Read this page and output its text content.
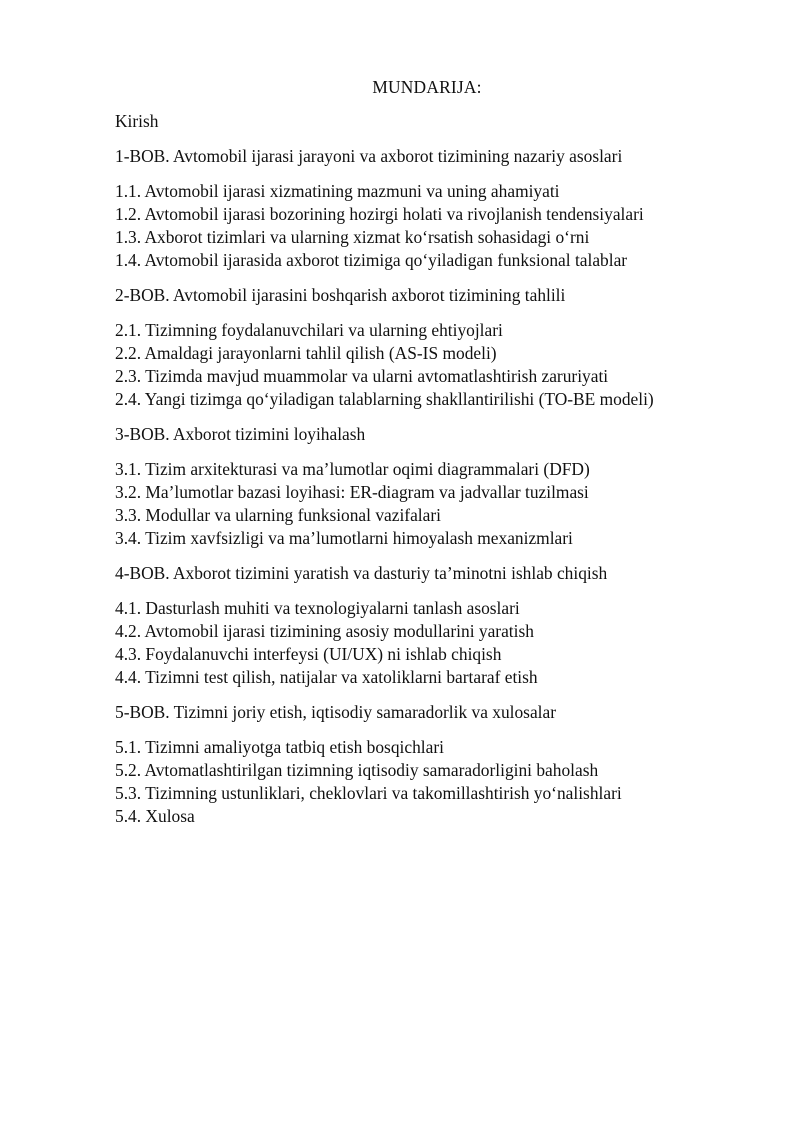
MUNDARIJA:
Kirish
1-BOB. Avtomobil ijarasi jarayoni va axborot tizimining nazariy asoslari
1.1. Avtomobil ijarasi xizmatining mazmuni va uning ahamiyati
1.2. Avtomobil ijarasi bozorining hozirgi holati va rivojlanish tendensiyalari
1.3. Axborot tizimlari va ularning xizmat ko‘rsatish sohasidagi o‘rni
1.4. Avtomobil ijarasida axborot tizimiga qo‘yiladigan funksional talablar
2-BOB. Avtomobil ijarasini boshqarish axborot tizimining tahlili
2.1. Tizimning foydalanuvchilari va ularning ehtiyojlari
2.2. Amaldagi jarayonlarni tahlil qilish (AS-IS modeli)
2.3. Tizimda mavjud muammolar va ularni avtomatlashtirish zaruriyati
2.4. Yangi tizimga qo‘yiladigan talablarning shakllantirilishi (TO-BE modeli)
3-BOB. Axborot tizimini loyihalash
3.1. Tizim arxitekturasi va ma’lumotlar oqimi diagrammalari (DFD)
3.2. Ma’lumotlar bazasi loyihasi: ER-diagram va jadvallar tuzilmasi
3.3. Modullar va ularning funksional vazifalari
3.4. Tizim xavfsizligi va ma’lumotlarni himoyalash mexanizmlari
4-BOB. Axborot tizimini yaratish va dasturiy ta’minotni ishlab chiqish
4.1. Dasturlash muhiti va texnologiyalarni tanlash asoslari
4.2. Avtomobil ijarasi tizimining asosiy modullarini yaratish
4.3. Foydalanuvchi interfeysi (UI/UX) ni ishlab chiqish
4.4. Tizimni test qilish, natijalar va xatoliklarni bartaraf etish
5-BOB. Tizimni joriy etish, iqtisodiy samaradorlik va xulosalar
5.1. Tizimni amaliyotga tatbiq etish bosqichlari
5.2. Avtomatlashtirilgan tizimning iqtisodiy samaradorligini baholash
5.3. Tizimning ustunliklari, cheklovlari va takomillashtirish yo‘nalishlari
5.4. Xulosa
